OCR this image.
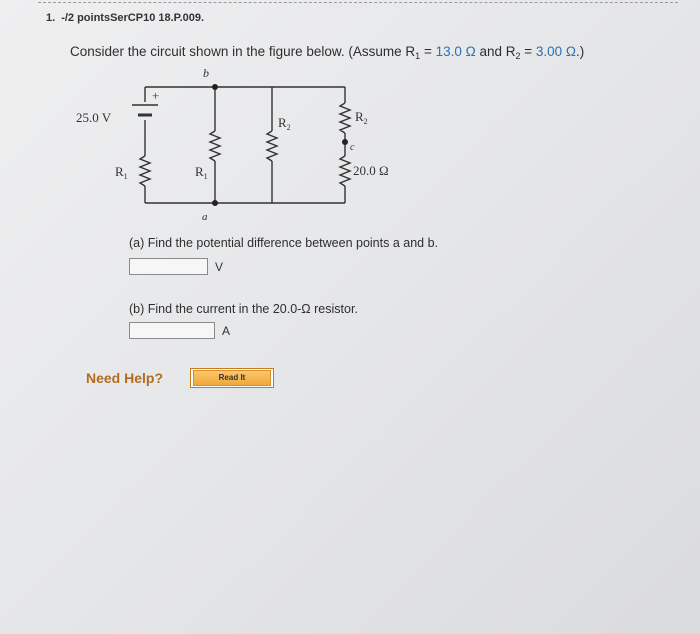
1. -/2 pointsSerCP10 18.P.009.
Consider the circuit shown in the figure below. (Assume $R_1 = 13.0$ Ω and $R_2 = 3.00$ Ω.)
b
a
c
+
25.0 V
$R_1$	$R_1$
$R_2$
$R_2$
20.0 Ω
(a) Find the potential difference between points a and b.
V
(b) Find the current in the 20.0-Ω resistor.
A
Need Help?	Read It
